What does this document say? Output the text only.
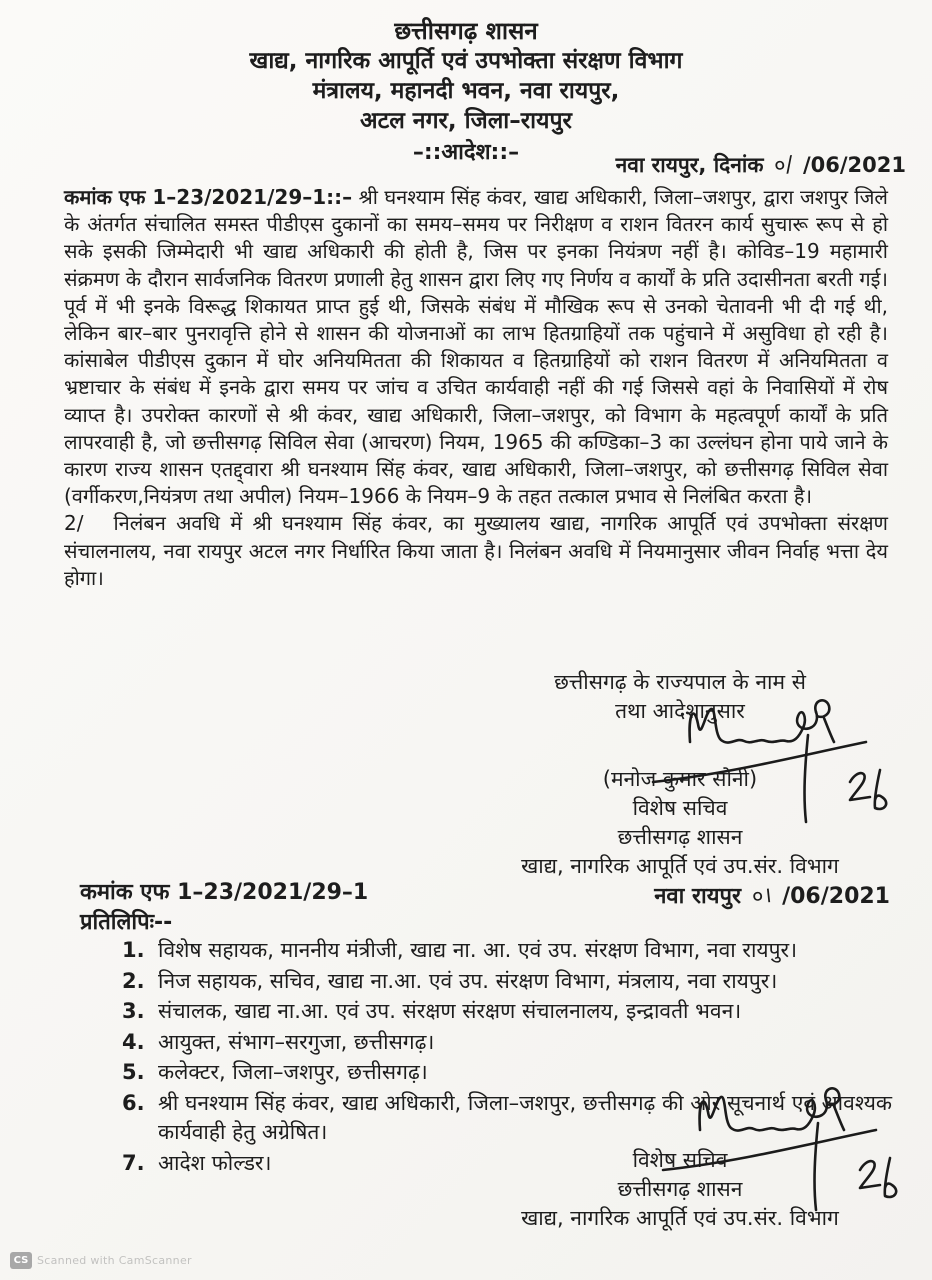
छत्तीसगढ़ शासन
खाद्य, नागरिक आपूर्ति एवं उपभोक्ता संरक्षण विभाग
मंत्रालय, महानदी भवन, नवा रायपुर,
अटल नगर, जिला–रायपुर
–::आदेश::–	नवा रायपुर, दिनांक ०/ /06/2021

कमांक एफ 1–23/2021/29–1::– श्री घनश्याम सिंह कंवर, खाद्य अधिकारी, जिला–जशपुर, द्वारा जशपुर जिले के अंतर्गत संचालित समस्त पीडीएस दुकानों का समय–समय पर निरीक्षण व राशन वितरन कार्य सुचारू रूप से हो सके इसकी जिम्मेदारी भी खाद्य अधिकारी की होती है, जिस पर इनका नियंत्रण नहीं है। कोविड–19 महामारी संक्रमण के दौरान सार्वजनिक वितरण प्रणाली हेतु शासन द्वारा लिए गए निर्णय व कार्यों के प्रति उदासीनता बरती गई। पूर्व में भी इनके विरूद्ध शिकायत प्राप्त हुई थी, जिसके संबंध में मौखिक रूप से उनको चेतावनी भी दी गई थी, लेकिन बार–बार पुनरावृत्ति होने से शासन की योजनाओं का लाभ हितग्राहियों तक पहुंचाने में असुविधा हो रही है। कांसाबेल पीडीएस दुकान में घोर अनियमितता की शिकायत व हितग्राहियों को राशन वितरण में अनियमितता व भ्रष्टाचार के संबंध में इनके द्वारा समय पर जांच व उचित कार्यवाही नहीं की गई जिससे वहां के निवासियों में रोष व्याप्त है। उपरोक्त कारणों से श्री कंवर, खाद्य अधिकारी, जिला–जशपुर, को विभाग के महत्वपूर्ण कार्यों के प्रति लापरवाही है, जो छत्तीसगढ़ सिविल सेवा (आचरण) नियम, 1965 की कण्डिका–3 का उल्लंघन होना पाये जाने के कारण राज्य शासन एतद्द्वारा श्री घनश्याम सिंह कंवर, खाद्य अधिकारी, जिला–जशपुर, को छत्तीसगढ़ सिविल सेवा (वर्गीकरण,नियंत्रण तथा अपील) नियम–1966 के नियम–9 के तहत तत्काल प्रभाव से निलंबित करता है।

2/ निलंबन अवधि में श्री घनश्याम सिंह कंवर, का मुख्यालय खाद्य, नागरिक आपूर्ति एवं उपभोक्ता संरक्षण संचालनालय, नवा रायपुर अटल नगर निर्धारित किया जाता है। निलंबन अवधि में नियमानुसार जीवन निर्वाह भत्ता देय होगा।

छत्तीसगढ़ के राज्यपाल के नाम से
तथा आदेशानुसार
(मनोज कुमार सोनी)
विशेष सचिव
छत्तीसगढ़ शासन
खाद्य, नागरिक आपूर्ति एवं उप.संर. विभाग
नवा रायपुर ०। /06/2021
कमांक एफ 1–23/2021/29–1
प्रतिलिपिः--
1. विशेष सहायक, माननीय मंत्रीजी, खाद्य ना. आ. एवं उप. संरक्षण विभाग, नवा रायपुर।
2. निज सहायक, सचिव, खाद्य ना.आ. एवं उप. संरक्षण विभाग, मंत्रलाय, नवा रायपुर।
3. संचालक, खाद्य ना.आ. एवं उप. संरक्षण संरक्षण संचालनालय, इन्द्रावती भवन।
4. आयुक्त, संभाग–सरगुजा, छत्तीसगढ़।
5. कलेक्टर, जिला–जशपुर, छत्तीसगढ़।
6. श्री घनश्याम सिंह कंवर, खाद्य अधिकारी, जिला–जशपुर, छत्तीसगढ़ की ओर सूचनार्थ एवं आवश्यक कार्यवाही हेतु अग्रेषित।
7. आदेश फोल्डर।	विशेष सचिव
छत्तीसगढ़ शासन
खाद्य, नागरिक आपूर्ति एवं उप.संर. विभाग
CS Scanned with CamScanner
